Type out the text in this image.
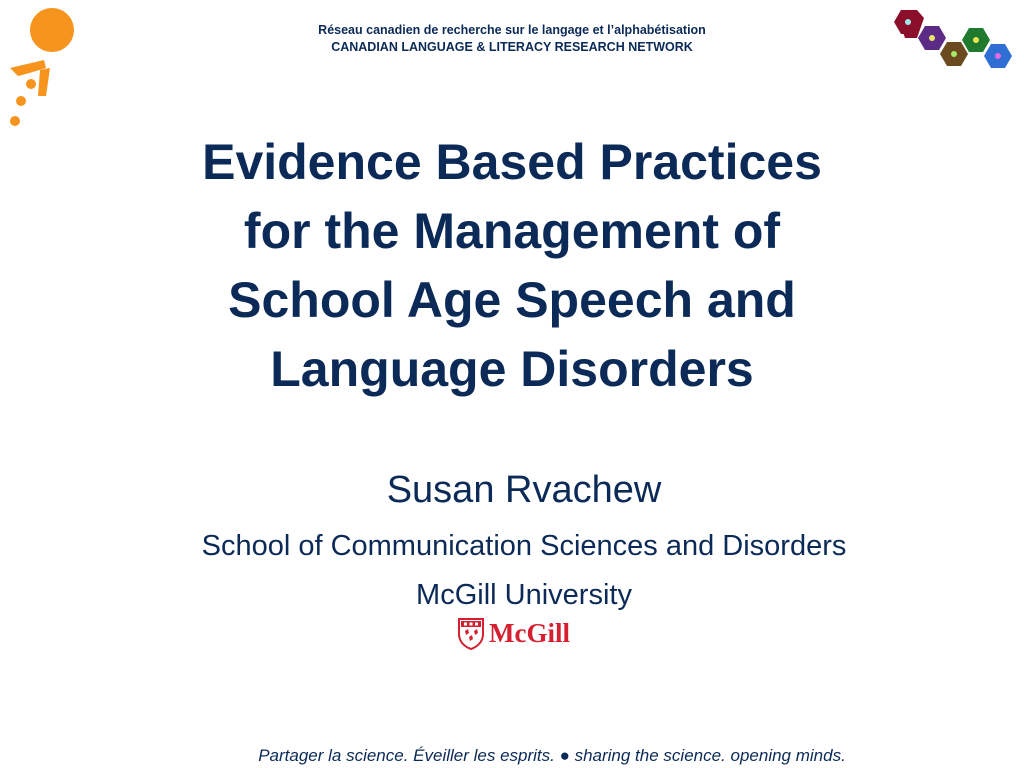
Réseau canadien de recherche sur le langage et l’alphabétisation
CANADIAN LANGUAGE & LITERACY RESEARCH NETWORK
Evidence Based Practices
for the Management of
School Age Speech and
Language Disorders
Susan Rvachew
School of Communication Sciences and Disorders
McGill University
McGill
Partager la science. Éveiller les esprits. ● sharing the science. opening minds.
